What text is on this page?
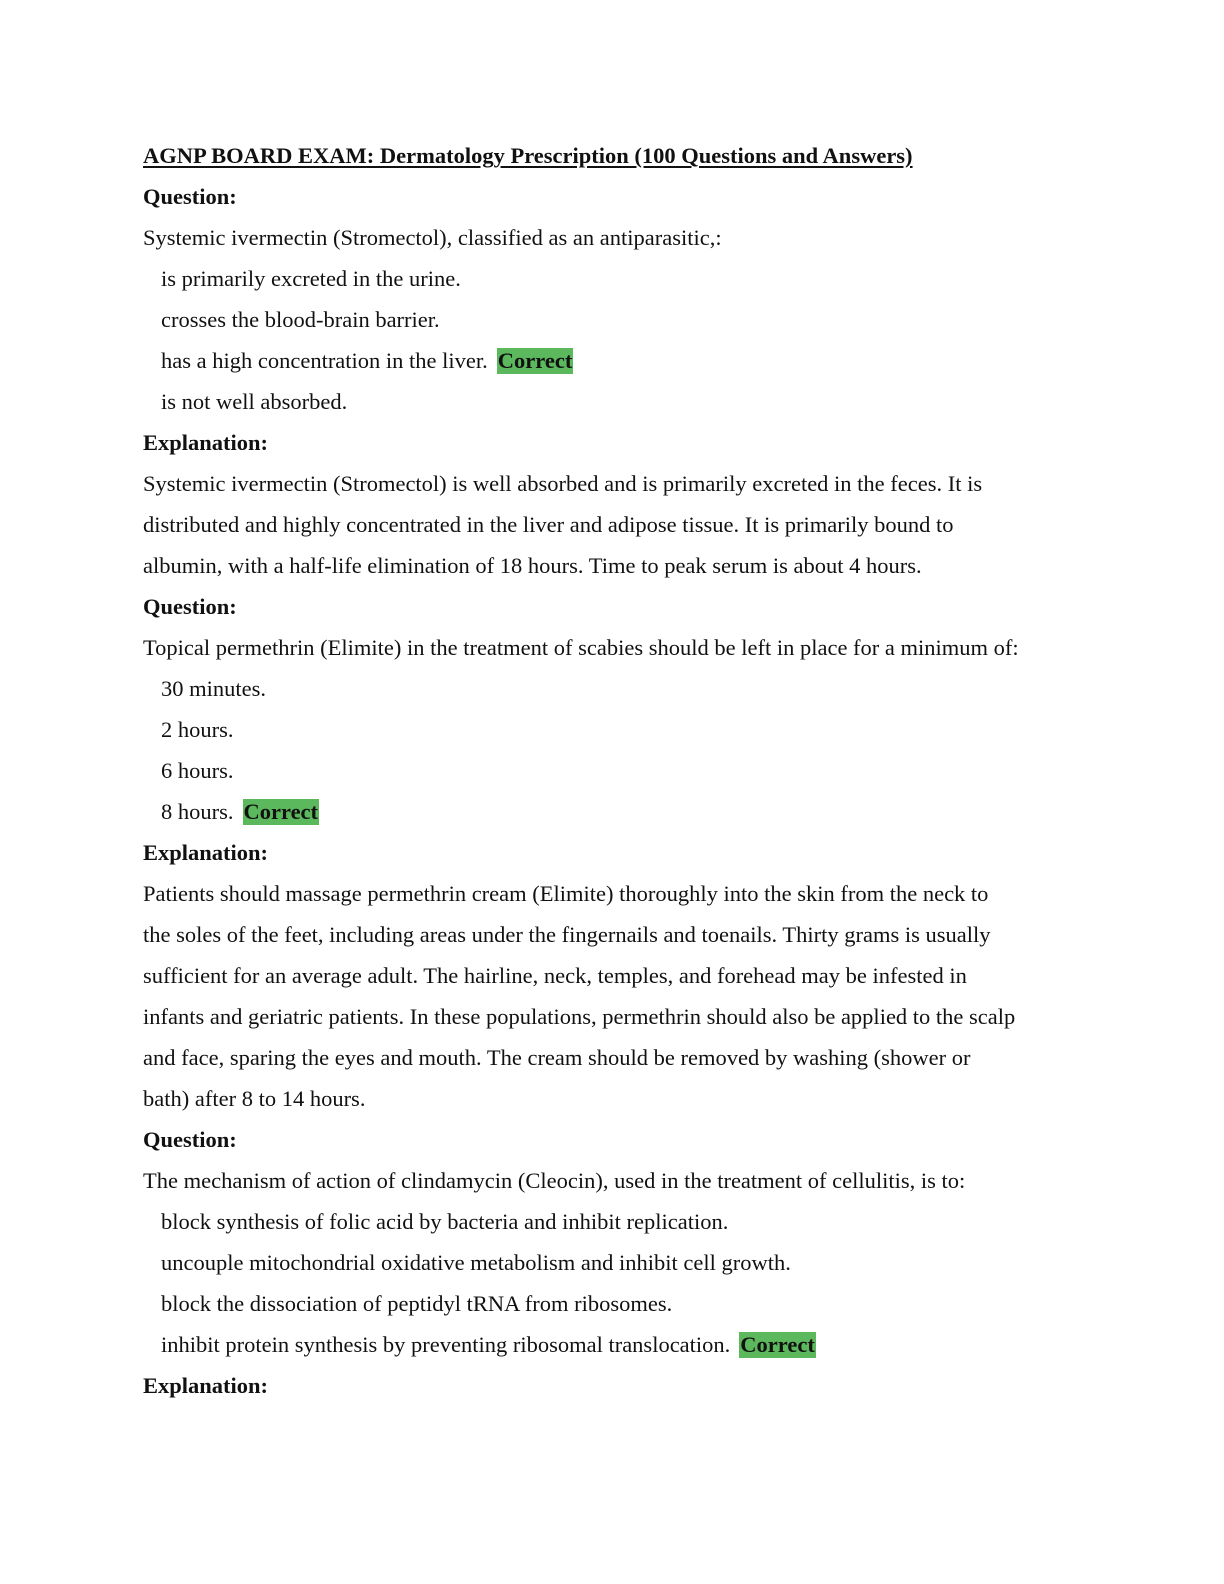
AGNP BOARD EXAM: Dermatology Prescription (100 Questions and Answers)
Question:
Systemic ivermectin (Stromectol), classified as an antiparasitic,:
is primarily excreted in the urine.
crosses the blood-brain barrier.
has a high concentration in the liver. Correct
is not well absorbed.
Explanation:
Systemic ivermectin (Stromectol) is well absorbed and is primarily excreted in the feces. It is
distributed and highly concentrated in the liver and adipose tissue. It is primarily bound to
albumin, with a half-life elimination of 18 hours. Time to peak serum is about 4 hours.
Question:
Topical permethrin (Elimite) in the treatment of scabies should be left in place for a minimum of:
30 minutes.
2 hours.
6 hours.
8 hours. Correct
Explanation:
Patients should massage permethrin cream (Elimite) thoroughly into the skin from the neck to
the soles of the feet, including areas under the fingernails and toenails. Thirty grams is usually
sufficient for an average adult. The hairline, neck, temples, and forehead may be infested in
infants and geriatric patients. In these populations, permethrin should also be applied to the scalp
and face, sparing the eyes and mouth. The cream should be removed by washing (shower or
bath) after 8 to 14 hours.
Question:
The mechanism of action of clindamycin (Cleocin), used in the treatment of cellulitis, is to:
block synthesis of folic acid by bacteria and inhibit replication.
uncouple mitochondrial oxidative metabolism and inhibit cell growth.
block the dissociation of peptidyl tRNA from ribosomes.
inhibit protein synthesis by preventing ribosomal translocation. Correct
Explanation:
